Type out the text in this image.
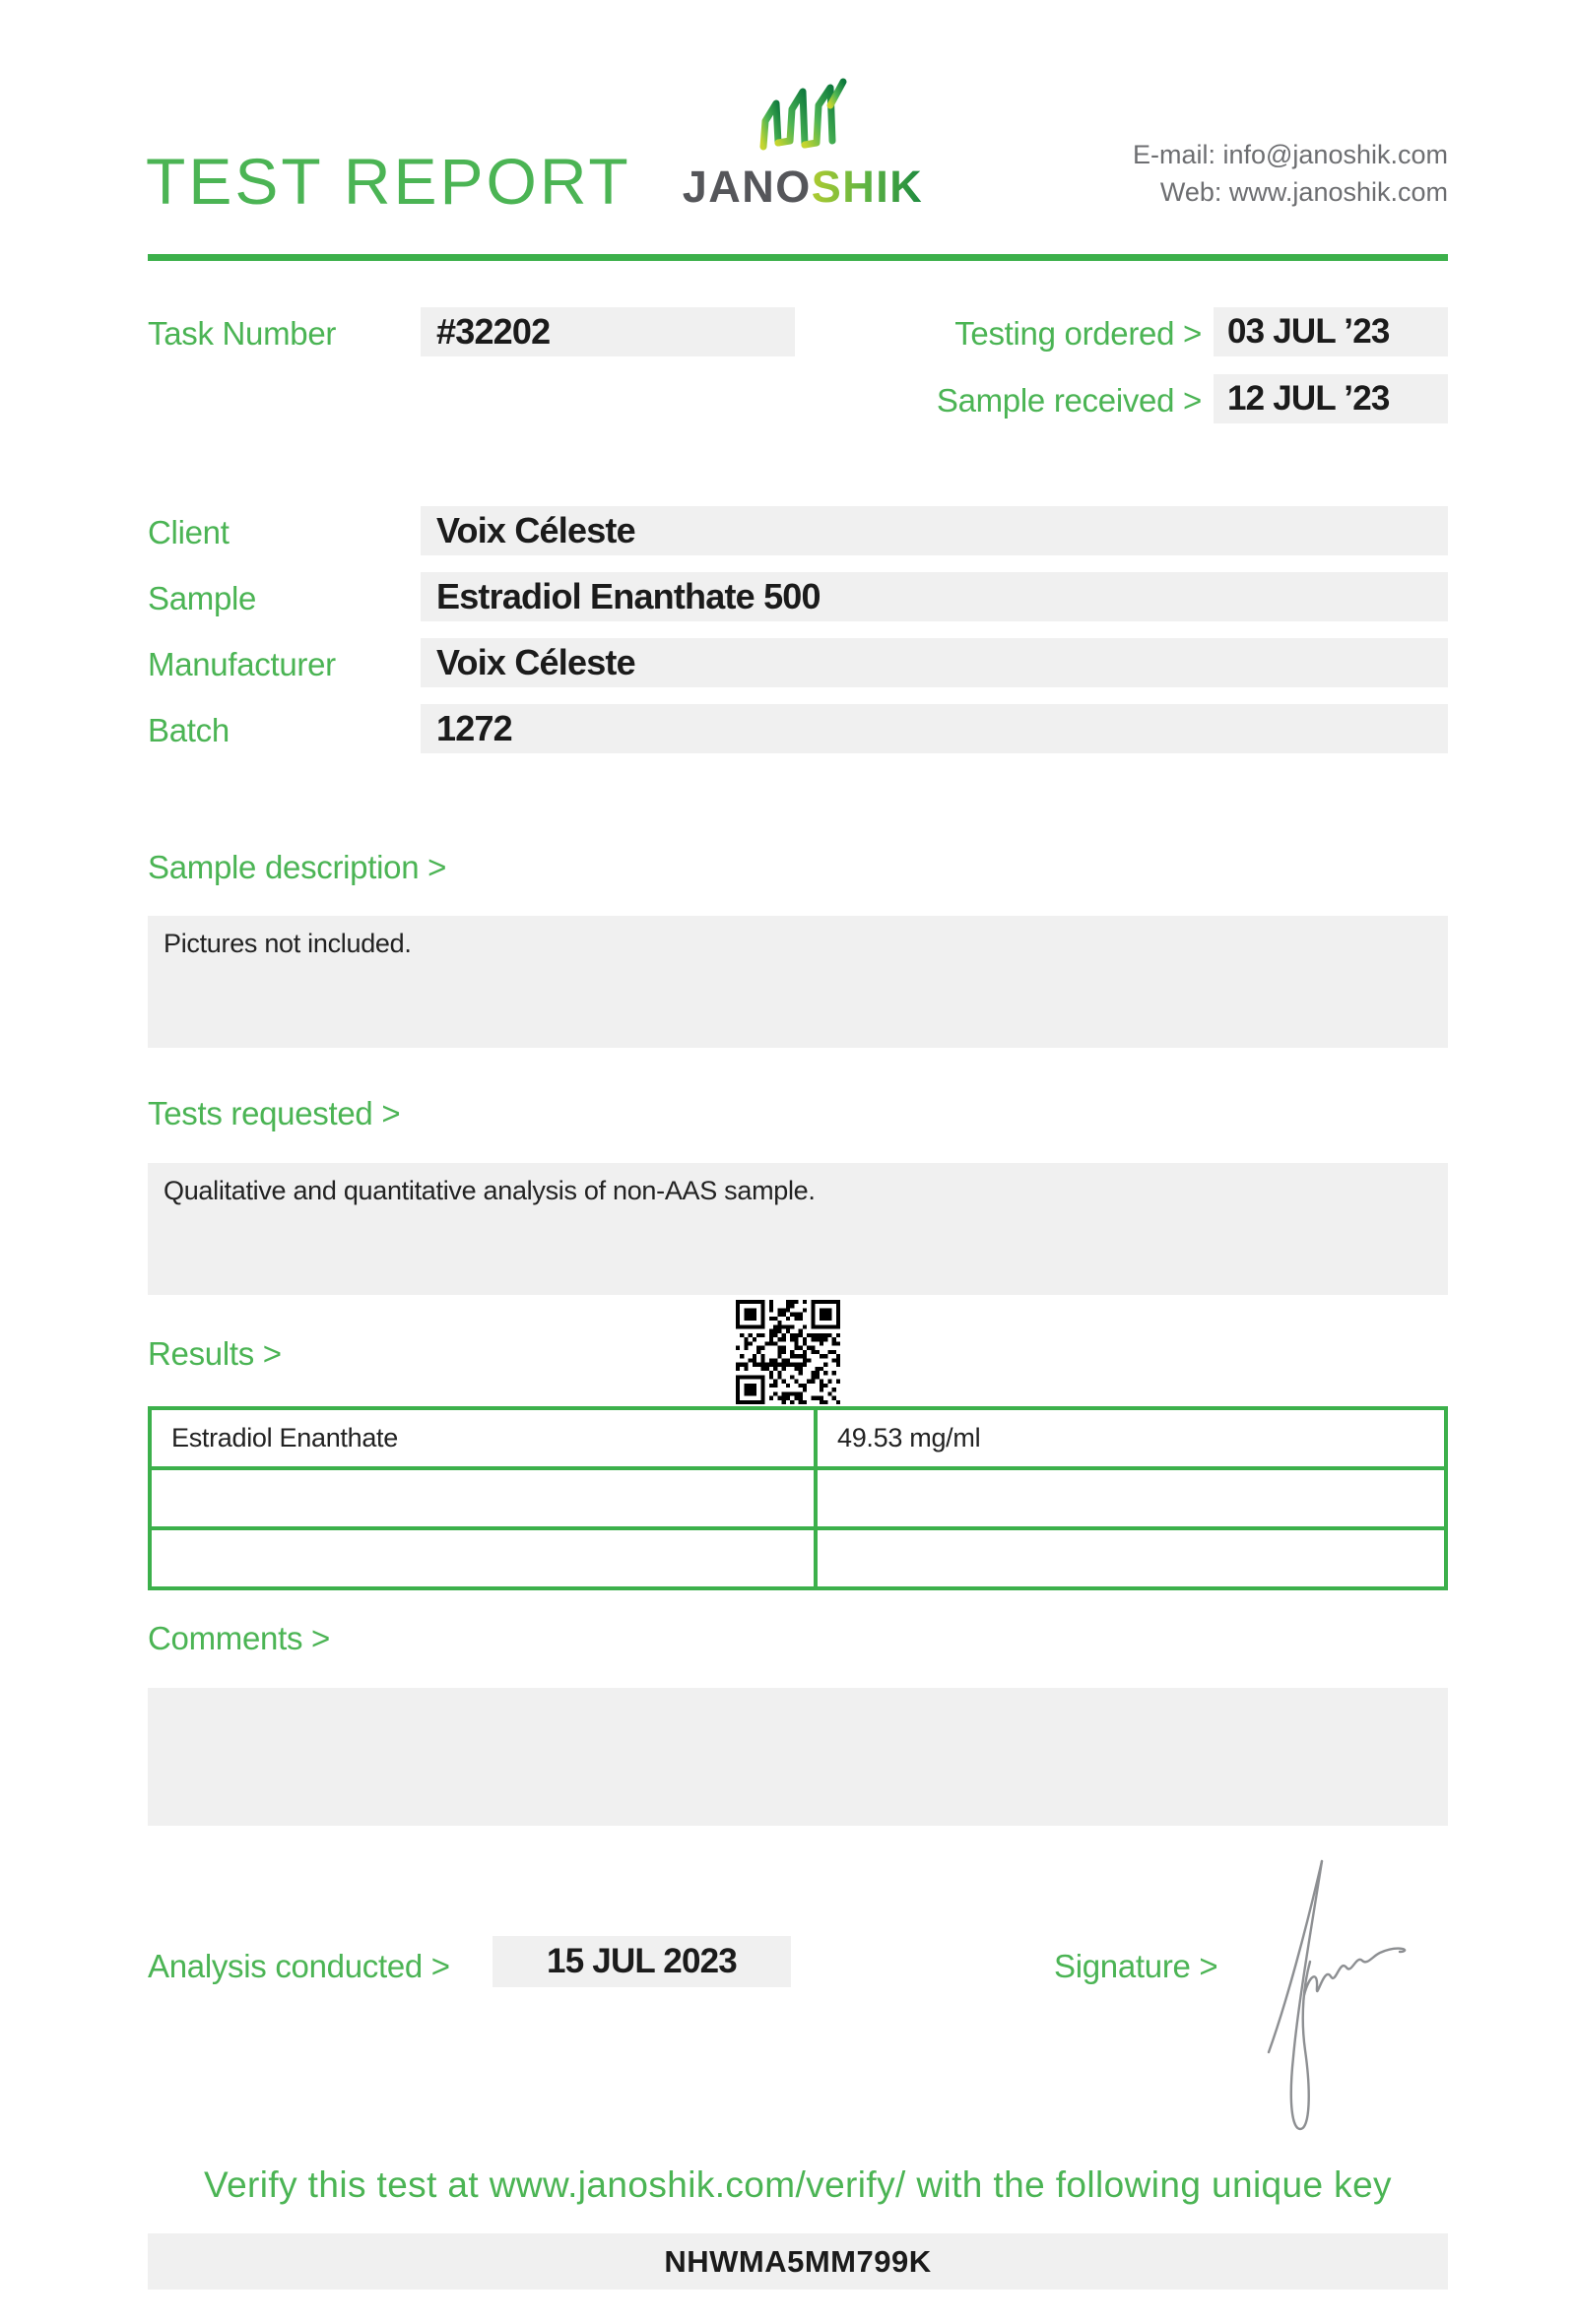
TEST REPORT JANOSHIK
E-mail: info@janoshik.com
Web: www.janoshik.com
Task Number	#32202	Testing ordered > 03 JUL ’23
Sample received > 12 JUL ’23
Client	Voix Céleste
Sample	Estradiol Enanthate 500
Manufacturer	Voix Céleste
Batch	1272
Sample description >
Pictures not included.
Tests requested >
Qualitative and quantitative analysis of non-AAS sample.
Results >
Estradiol Enanthate	49.53 mg/ml

Comments >
Analysis conducted >	15 JUL 2023	Signature >
Verify this test at www.janoshik.com/verify/ with the following unique key
NHWMA5MM799K
